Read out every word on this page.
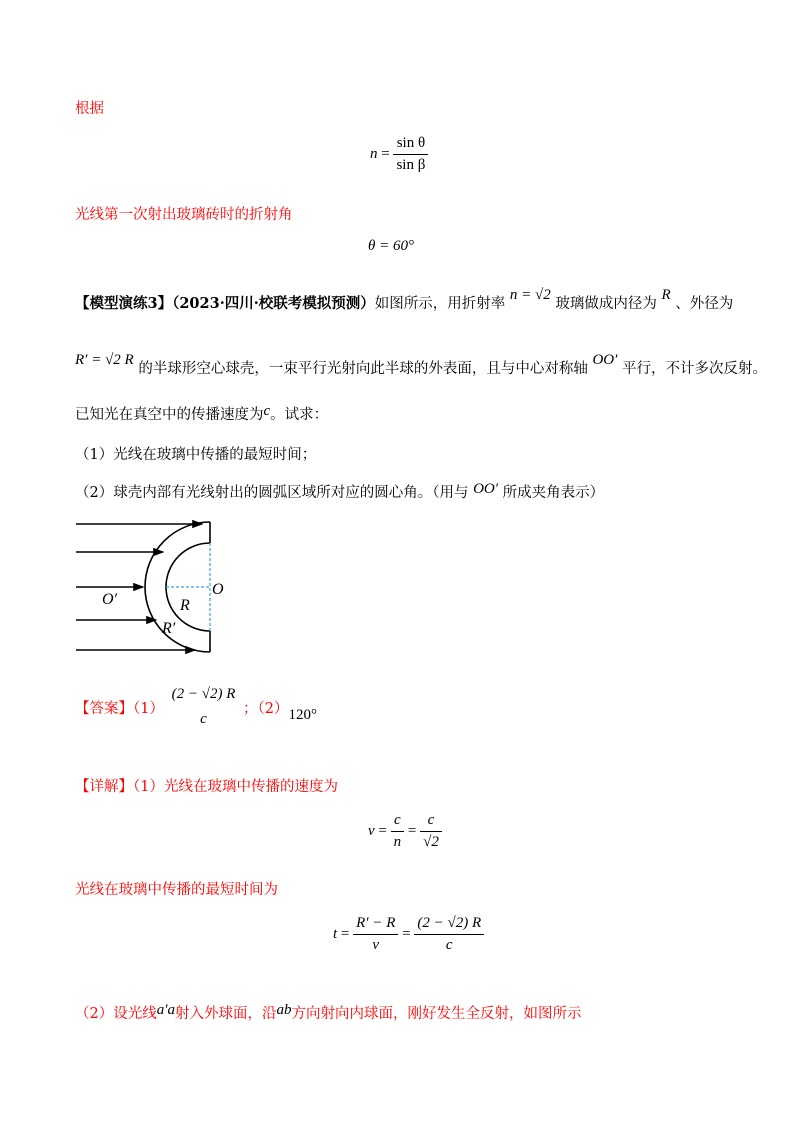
根据
$n = \frac{\text{sin θ}}{\text{sin β}}$
光线第一次射出玻璃砖时的折射角
θ = 60°
【模型演练3】（2023·四川·校联考模拟预测）如图所示，用折射率 n = √2 玻璃做成内径为 R 、外径为
R′ = √2 R 的半球形空心球壳，一束平行光射向此半球的外表面，且与中心对称轴 OO′ 平行，不计多次反射。
已知光在真空中的传播速度为c。试求：
（1）光线在玻璃中传播的最短时间；
（2）球壳内部有光线射出的圆弧区域所对应的圆心角。（用与 OO′ 所成夹角表示）
O
O′	R
R′
【答案】（1）
(2 − √2) R
c
；（2）120°
【详解】（1）光线在玻璃中传播的速度为
$v = \frac{c}{n} = \frac{c}{√2}$
光线在玻璃中传播的最短时间为
$t = \frac{R' - R}{v} = \frac{(2 - √2) R}{c}$
（2）设光线a′a射入外球面，沿ab方向射向内球面，刚好发生全反射，如图所示
